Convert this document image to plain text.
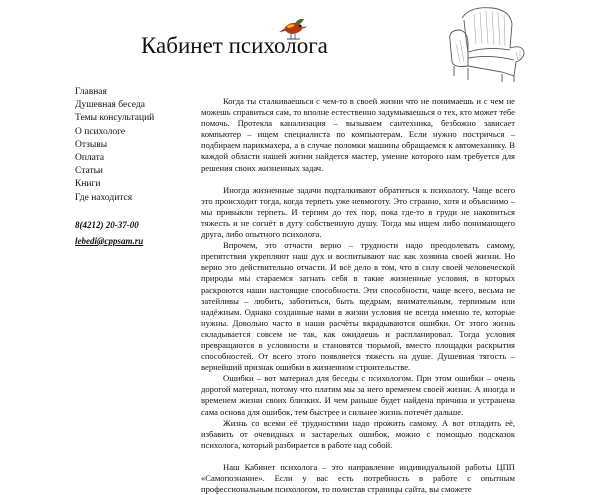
Кабинет психолога
Главная
Душевная беседа
Темы консультаций
О психологе
Отзывы
Оплата
Статьи
Книги
Где находится
8(4212) 20-37-00
lebedi@cppsam.ru

Когда ты сталкиваешься с чем-то в своей жизни что не понимаешь и с чем не можешь справиться сам, то вполне естественно задумываешься о тех, кто может тебе помочь. Протекла канализация – вызываем сантехника, безбожно зависает компьютер – ищем специалиста по компьютерам. Если нужно постричься – подбираем парикмахера, а в случае поломки машины обращаемся к автомеханику. В каждой области нашей жизни найдется мастер, умение которого нам требуется для решения своих жизненных задач.

Иногда жизненные задачи подталкивают обратиться к психологу. Чаще всего это происходит тогда, когда терпеть уже невмоготу. Это странно, хотя и объяснимо – мы привыкли терпеть. И терпим до тех пор, пока где-то в груди не накопиться тяжесть и не согнёт в дугу собственную душу. Тогда мы ищем либо понимающего друга, либо опытного психолога.

Впрочем, это отчасти верно – трудности надо преодолевать самому, препятствия укрепляют наш дух и воспитывают нас как хозяина своей жизни. Но верно это действительно отчасти. И всё дело в том, что в силу своей человеческой природы мы стараемся загнать себя в такие жизненные условия, в которых раскроются наши настоящие способности. Эти способности, чаще всего, весьма не затейливы – любить, заботиться, быть щедрым, внимательным, терпимым или надёжным. Однако созданные нами в жизни условия не всегда именно те, которые нужны. Довольно часто в наши расчёты вкрадываются ошибки. От этого жизнь складывается совсем не так, как ожидаешь и распланировал. Тогда условия превращаются в условности и становятся тюрьмой, вместо площадки раскрытия способностей. От всего этого появляется тяжесть на душе. Душевная тягость – вернейший признак ошибки в жизненном строительстве.

Ошибки – вот материал для беседы с психологом. При этом ошибки – очень дорогой материал, потому что платим мы за него временем своей жизни. А иногда и временем жизни своих близких. И чем раньше будет найдена причина и устранена сама основа для ошибок, тем быстрее и сильнее жизнь потечёт дальше.

Жизнь со всеми её трудностями надо прожить самому. А вот отладить её, избавить от очевидных и застарелых ошибок, можно с помощью подсказок психолога, который разбирается в работе над собой.

Наш Кабинет психолога – это направление индивидуальной работы ЦПП «Самопознание». Если у вас есть потребность в работе с опытным профессиональным психологом, то полистав страницы сайта, вы сможете
